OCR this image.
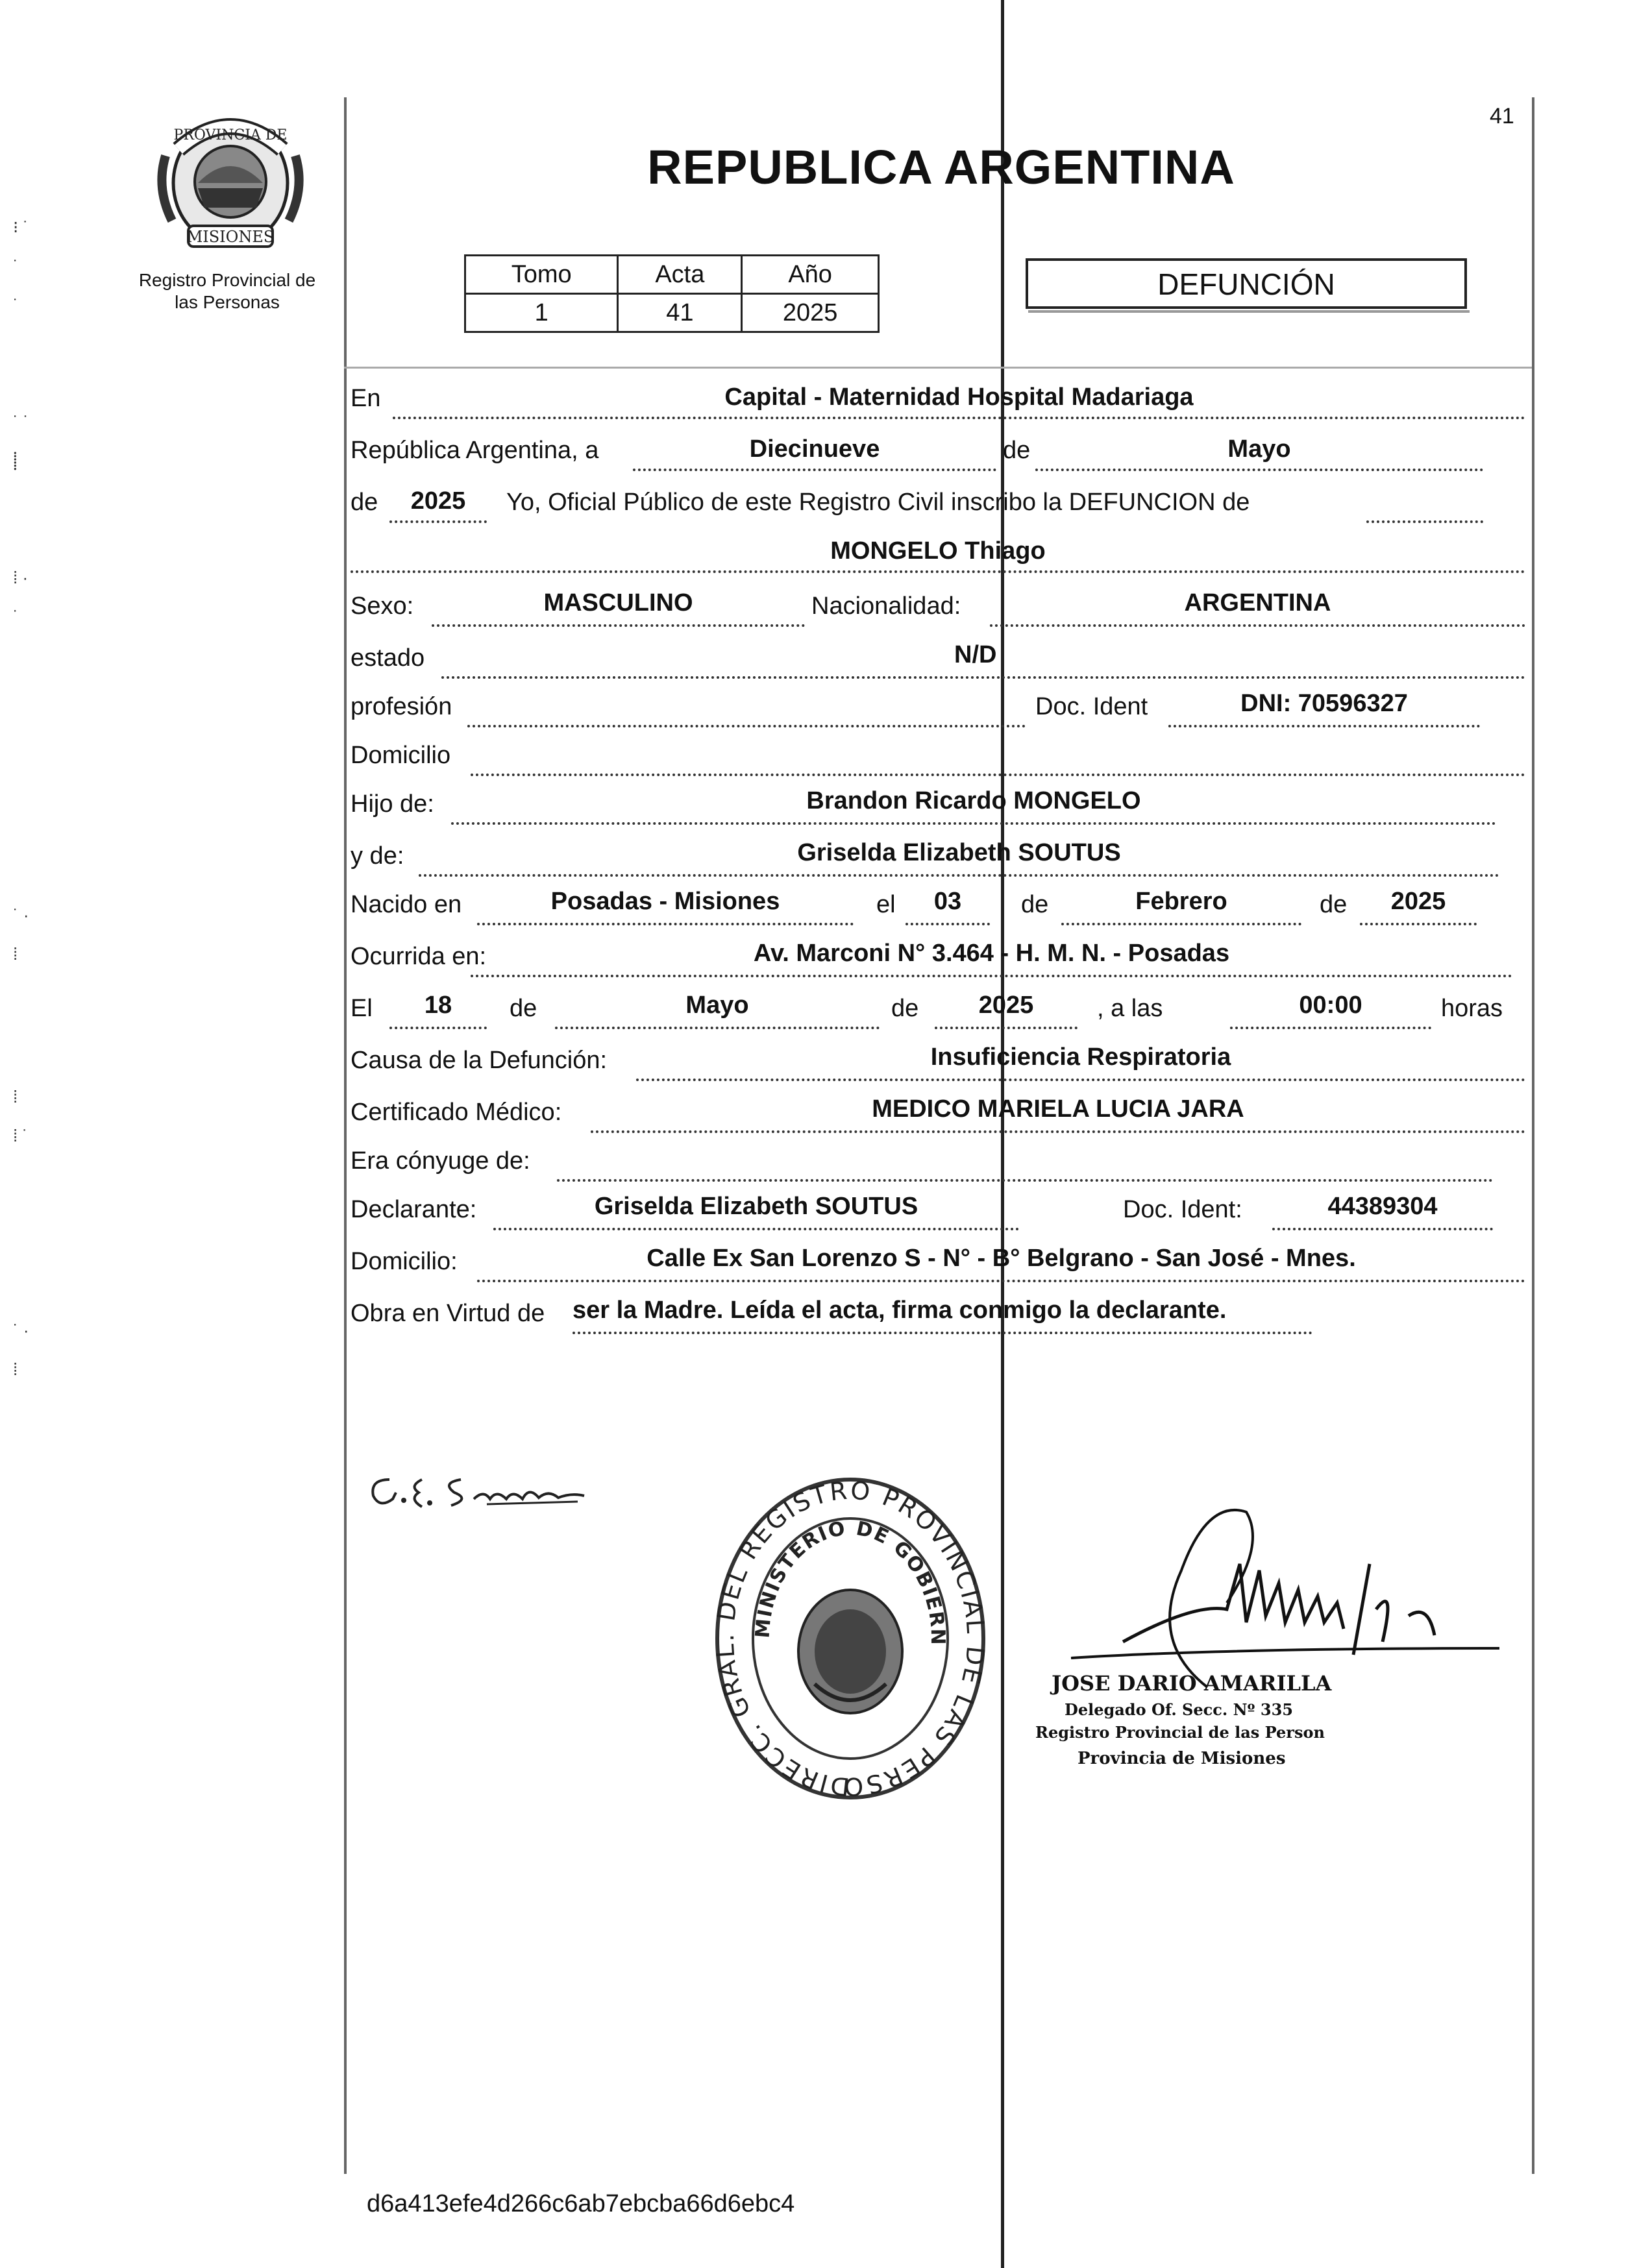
⁝ ˙
˙
˙
˙ ˙
⸽
⁞ ·
˙
˙ ·
⁞
⁞
⁞ ˙
˙ ·
⁞
41
PROVINCIA DE
MISIONES
Registro Provincial de las Personas
REPUBLICA ARGENTINA
Tomo	Acta	Año
1	41	2025
DEFUNCIÓN
En	Capital - Maternidad Hospital Madariaga
República Argentina, a	Diecinueve	de	Mayo
de	2025	Yo, Oficial Público de este Registro Civil inscribo la DEFUNCION de
MONGELO Thiago
Sexo:	MASCULINO	Nacionalidad:	ARGENTINA
estado	N/D
profesión	Doc. Ident	DNI: 70596327
Domicilio
Hijo de:	Brandon Ricardo MONGELO
y de:	Griselda Elizabeth SOUTUS
Nacido en	Posadas - Misiones	el	03	de	Febrero	de	2025
Ocurrida en:	Av. Marconi N° 3.464 - H. M. N. - Posadas
El	18	de	Mayo	de	2025	, a las	00:00	horas
Causa de la Defunción:	Insuficiencia Respiratoria
Certificado Médico:	MEDICO MARIELA LUCIA JARA
Era cónyuge de:
Declarante:	Griselda Elizabeth SOUTUS	Doc. Ident:	44389304
Domicilio:	Calle Ex San Lorenzo S - N° - B° Belgrano - San José - Mnes.
Obra en Virtud de ser la Madre. Leída el acta, firma conmigo la declarante.
DIRECC. GRAL. DEL REGISTRO PROVINCIAL DE LAS PERSO
MINISTERIO DE GOBIERN
JOSE DARIO AMARILLA
Delegado Of. Secc. Nº 335
Registro Provincial de las Person
Provincia de Misiones
d6a413efe4d266c6ab7ebcba66d6ebc4
